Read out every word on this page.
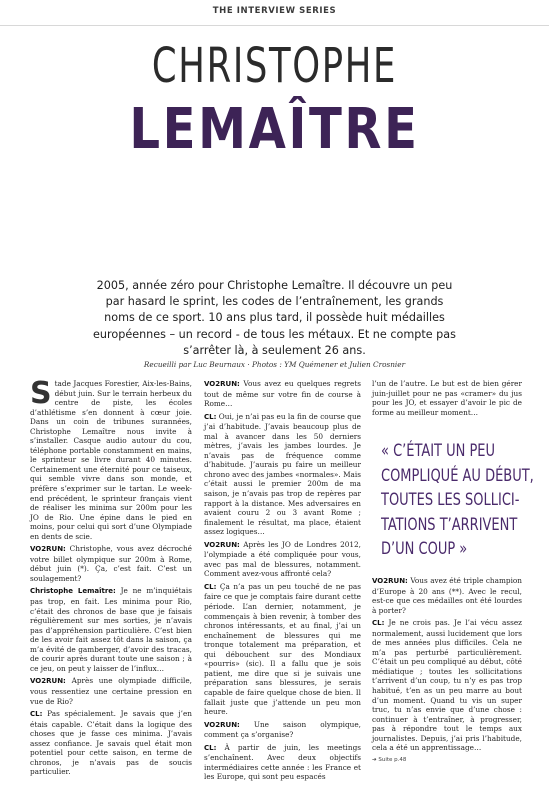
THE INTERVIEW SERIES
CHRISTOPHE
LEMAÎTRE
2005, année zéro pour Christophe Lemaître. Il découvre un peu par hasard le sprint, les codes de l’entraînement, les grands noms de ce sport. 10 ans plus tard, il possède huit médailles européennes – un record - de tous les métaux. Et ne compte pas s’arrêter là, à seulement 26 ans.
Recueilli par Luc Beurnaux · Photos : YM Quémener et Julien Crosnier

Stade Jacques Forestier, Aix-les-Bains, début juin. Sur le terrain herbeux du centre de piste, les écoles d’athlétisme s’en donnent à cœur joie. Dans un coin de tribunes surannées, Christophe Lemaître nous invite à s’installer. Casque audio autour du cou, téléphone portable constamment en mains, le sprinteur se livre durant 40 minutes. Certainement une éternité pour ce taiseux, qui semble vivre dans son monde, et préfère s’exprimer sur le tartan. Le week-end précédent, le sprinteur français vient de réaliser les minima sur 200m pour les JO de Rio. Une épine dans le pied en moins, pour celui qui sort d’une Olympiade en dents de scie.

VO2RUN: Christophe, vous avez décroché votre billet olympique sur 200m à Rome, début juin (*). Ça, c’est fait. C’est un soulagement?

Christophe Lemaître: Je ne m’inquiétais pas trop, en fait. Les minima pour Rio, c’était des chronos de base que je faisais régulièrement sur mes sorties, je n’avais pas d’appréhension particulière. C’est bien de les avoir fait assez tôt dans la saison, ça m’a évité de gamberger, d’avoir des tracas, de courir après durant toute une saison ; à ce jeu, on peut y laisser de l’influx…

VO2RUN: Après une olympiade difficile, vous ressentiez une certaine pression en vue de Rio?

CL: Pas spécialement. Je savais que j’en étais capable. C’était dans la logique des choses que je fasse ces minima. J’avais assez confiance. Je savais quel était mon potentiel pour cette saison, en terme de chronos, je n’avais pas de soucis particulier.

VO2RUN: Vous avez eu quelques regrets tout de même sur votre fin de course à Rome…

CL: Oui, je n’ai pas eu la fin de course que j’ai d’habitude. J’avais beaucoup plus de mal à avancer dans les 50 derniers mètres, j’avais les jambes lourdes. Je n’avais pas de fréquence comme d’habitude. J’aurais pu faire un meilleur chrono avec des jambes «normales». Mais c’était aussi le premier 200m de ma saison, je n’avais pas trop de repères par rapport à la distance. Mes adversaires en avaient couru 2 ou 3 avant Rome ; finalement le résultat, ma place, étaient assez logiques…

VO2RUN: Après les JO de Londres 2012, l’olympiade a été compliquée pour vous, avec pas mal de blessures, notamment. Comment avez-vous affronté cela?

CL: Ça n’a pas un peu touché de ne pas faire ce que je comptais faire durant cette période. L’an dernier, notamment, je commençais à bien revenir, à tomber des chronos intéressants, et au final, j’ai un enchaînement de blessures qui me tronque totalement ma préparation, et qui débouchent sur des Mondiaux «pourris» (sic). Il a fallu que je sois patient, me dire que si je suivais une préparation sans blessures, je serais capable de faire quelque chose de bien. Il fallait juste que j’attende un peu mon heure.

VO2RUN: Une saison olympique, comment ça s’organise?

CL: À partir de juin, les meetings s’enchaînent. Avec deux objectifs intermédiaires cette année : les France et les Europe, qui sont peu espacés

l’un de l’autre. Le but est de bien gérer juin-juillet pour ne pas «cramer» du jus pour les JO, et essayer d’avoir le pic de forme au meilleur moment…

« C’ÉTAIT UN PEU
COMPLIQUÉ AU DÉBUT,
TOUTES LES SOLLICI-
TATIONS T’ARRIVENT
D’UN COUP »

VO2RUN: Vous avez été triple champion d’Europe à 20 ans (**). Avec le recul, est-ce que ces médailles ont été lourdes à porter?

CL: Je ne crois pas. Je l’ai vécu assez normalement, aussi lucidement que lors de mes années plus difficiles. Cela ne m’a pas perturbé particulièrement. C’était un peu compliqué au début, côté médiatique ; toutes les sollicitations t’arrivent d’un coup, tu n’y es pas trop habitué, t’en as un peu marre au bout d’un moment. Quand tu vis un super truc, tu n’as envie que d’une chose : continuer à t’entraîner, à progresser, pas à répondre tout le temps aux journalistes. Depuis, j’ai pris l’habitude, cela a été un apprentissage…

➔ Suite p.48
